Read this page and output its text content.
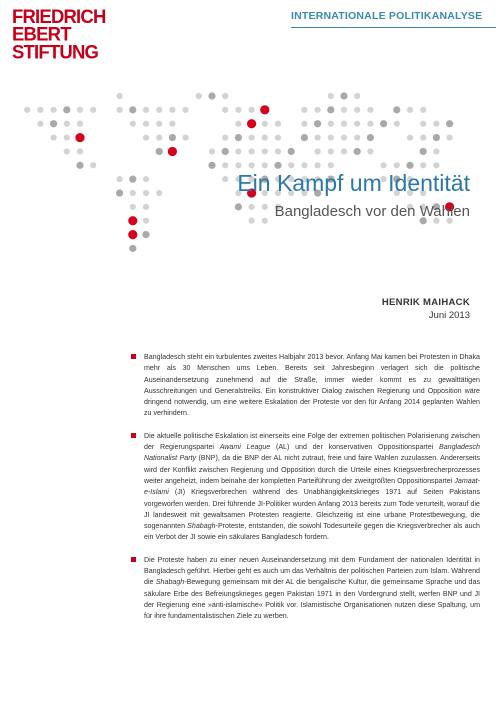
FRIEDRICH
EBERT
STIFTUNG
INTERNATIONALE POLITIKANALYSE
Ein Kampf um Identität
Bangladesch vor den Wahlen
HENRIK MAIHACK
Juni 2013
Bangladesch steht ein turbulentes zweites Halbjahr 2013 bevor. Anfang Mai kamen bei Protesten in Dhaka mehr als 30 Menschen ums Leben. Bereits seit Jahresbeginn verlagert sich die politische Auseinandersetzung zunehmend auf die Straße, immer wieder kommt es zu gewalttätigen Ausschreitungen und Generalstreiks. Ein konstruktiver Dialog zwischen Regierung und Opposition wäre dringend notwendig, um eine weitere Eskalation der Proteste vor den für Anfang 2014 geplanten Wahlen zu verhindern.
Die aktuelle politische Eskalation ist einerseits eine Folge der extremen politischen Polarisierung zwischen der Regierungspartei Awami League (AL) und der konservativen Oppositionspartei Bangladesch Nationalist Party (BNP), da die BNP der AL nicht zutraut, freie und faire Wahlen zuzulassen. Andererseits wird der Konflikt zwischen Regierung und Opposition durch die Urteile eines Kriegsverbrecherprozesses weiter angeheizt, indem beinahe der kompletten Parteiführung der zweitgrößten Oppositionspartei Jamaat-e-Islami (JI) Kriegsverbrechen während des Unabhängigkeitskrieges 1971 auf Seiten Pakistans vorgeworfen werden. Drei führende JI-Politiker wurden Anfang 2013 bereits zum Tode verurteilt, worauf die JI landesweit mit gewaltsamen Protesten reagierte. Gleichzeitig ist eine urbane Protestbewegung, die sogenannten Shabagh-Proteste, entstanden, die sowohl Todesurteile gegen die Kriegsverbrecher als auch ein Verbot der JI sowie ein säkulares Bangladesch fordern.
Die Proteste haben zu einer neuen Auseinandersetzung mit dem Fundament der nationalen Identität in Bangladesch geführt. Hierbei geht es auch um das Verhältnis der politischen Parteien zum Islam. Während die Shabagh-Bewegung gemeinsam mit der AL die bengalische Kultur, die gemeinsame Sprache und das säkulare Erbe des Befreiungskrieges gegen Pakistan 1971 in den Vordergrund stellt, werfen BNP und JI der Regierung eine »anti-islamische« Politik vor. Islamistische Organisationen nutzen diese Spaltung, um für ihre fundamentalistischen Ziele zu werben.
